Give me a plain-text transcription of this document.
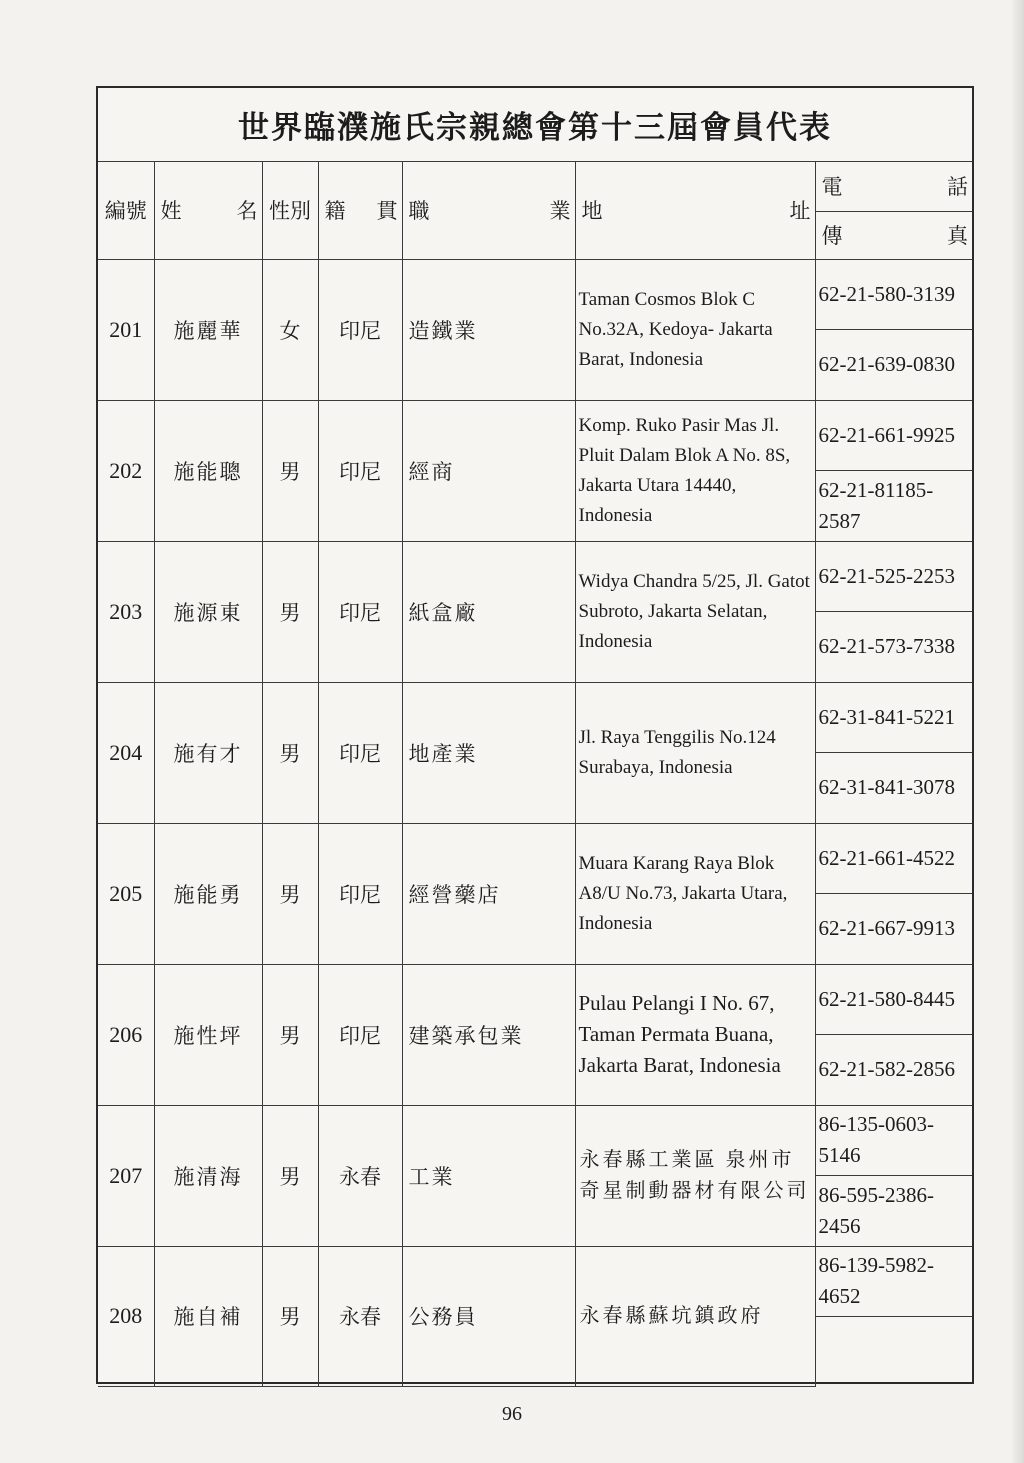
世界臨濮施氏宗親總會第十三屆會員代表
編號	姓 名	性別	籍 貫	職 業	地 址	電 話

						傳 真

201	施麗華	女	印尼	造鐵業	Taman Cosmos Blok C No.32A, Kedoya- Jakarta Barat, Indonesia	62-21-580-3139
						62-21-639-0830
202	施能聰	男	印尼	經商	Komp. Ruko Pasir Mas Jl. Pluit Dalam Blok A No. 8S, Jakarta Utara 14440, Indonesia	62-21-661-9925
						62-21-81185-2587
203	施源東	男	印尼	紙盒廠	Widya Chandra 5/25, Jl. Gatot Subroto, Jakarta Selatan, Indonesia	62-21-525-2253
						62-21-573-7338
204	施有才	男	印尼	地產業	Jl. Raya Tenggilis No.124 Surabaya, Indonesia	62-31-841-5221
						62-31-841-3078
205	施能勇	男	印尼	經營藥店	Muara Karang Raya Blok A8/U No.73, Jakarta Utara, Indonesia	62-21-661-4522
						62-21-667-9913
206	施性坪	男	印尼	建築承包業	Pulau Pelangi I No. 67, Taman Permata Buana, Jakarta Barat, Indonesia	62-21-580-8445
						62-21-582-2856
207	施清海	男	永春	工業	永春縣工業區 泉州市奇星制動器材有限公司	86-135-0603-5146
						86-595-2386-2456
208	施自補	男	永春	公務員	永春縣蘇坑鎮政府	86-139-5982-4652

96
